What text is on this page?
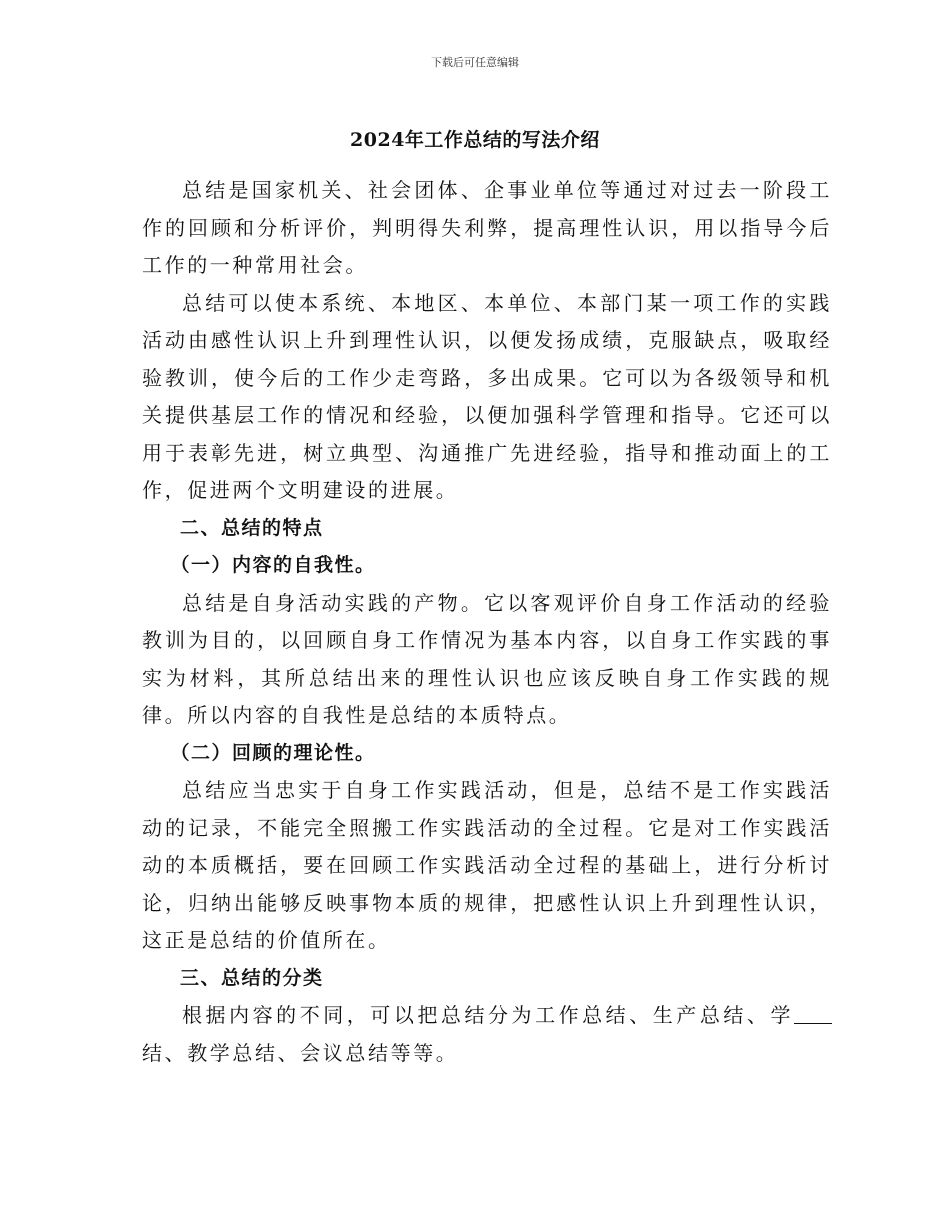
下载后可任意编辑
2024年工作总结的写法介绍

总结是国家机关、社会团体、企事业单位等通过对过去一阶段工作的回顾和分析评价，判明得失利弊，提高理性认识，用以指导今后工作的一种常用社会。

总结可以使本系统、本地区、本单位、本部门某一项工作的实践活动由感性认识上升到理性认识，以便发扬成绩，克服缺点，吸取经验教训，使今后的工作少走弯路，多出成果。它可以为各级领导和机关提供基层工作的情况和经验，以便加强科学管理和指导。它还可以用于表彰先进，树立典型、沟通推广先进经验，指导和推动面上的工作，促进两个文明建设的进展。

二、总结的特点
（一）内容的自我性。

总结是自身活动实践的产物。它以客观评价自身工作活动的经验教训为目的，以回顾自身工作情况为基本内容，以自身工作实践的事实为材料，其所总结出来的理性认识也应该反映自身工作实践的规律。所以内容的自我性是总结的本质特点。

（二）回顾的理论性。

总结应当忠实于自身工作实践活动，但是，总结不是工作实践活动的记录，不能完全照搬工作实践活动的全过程。它是对工作实践活动的本质概括，要在回顾工作实践活动全过程的基础上，进行分析讨论，归纳出能够反映事物本质的规律，把感性认识上升到理性认识，这正是总结的价值所在。

三、总结的分类

根据内容的不同，可以把总结分为工作总结、生产总结、学结、教学总结、会议总结等等。
